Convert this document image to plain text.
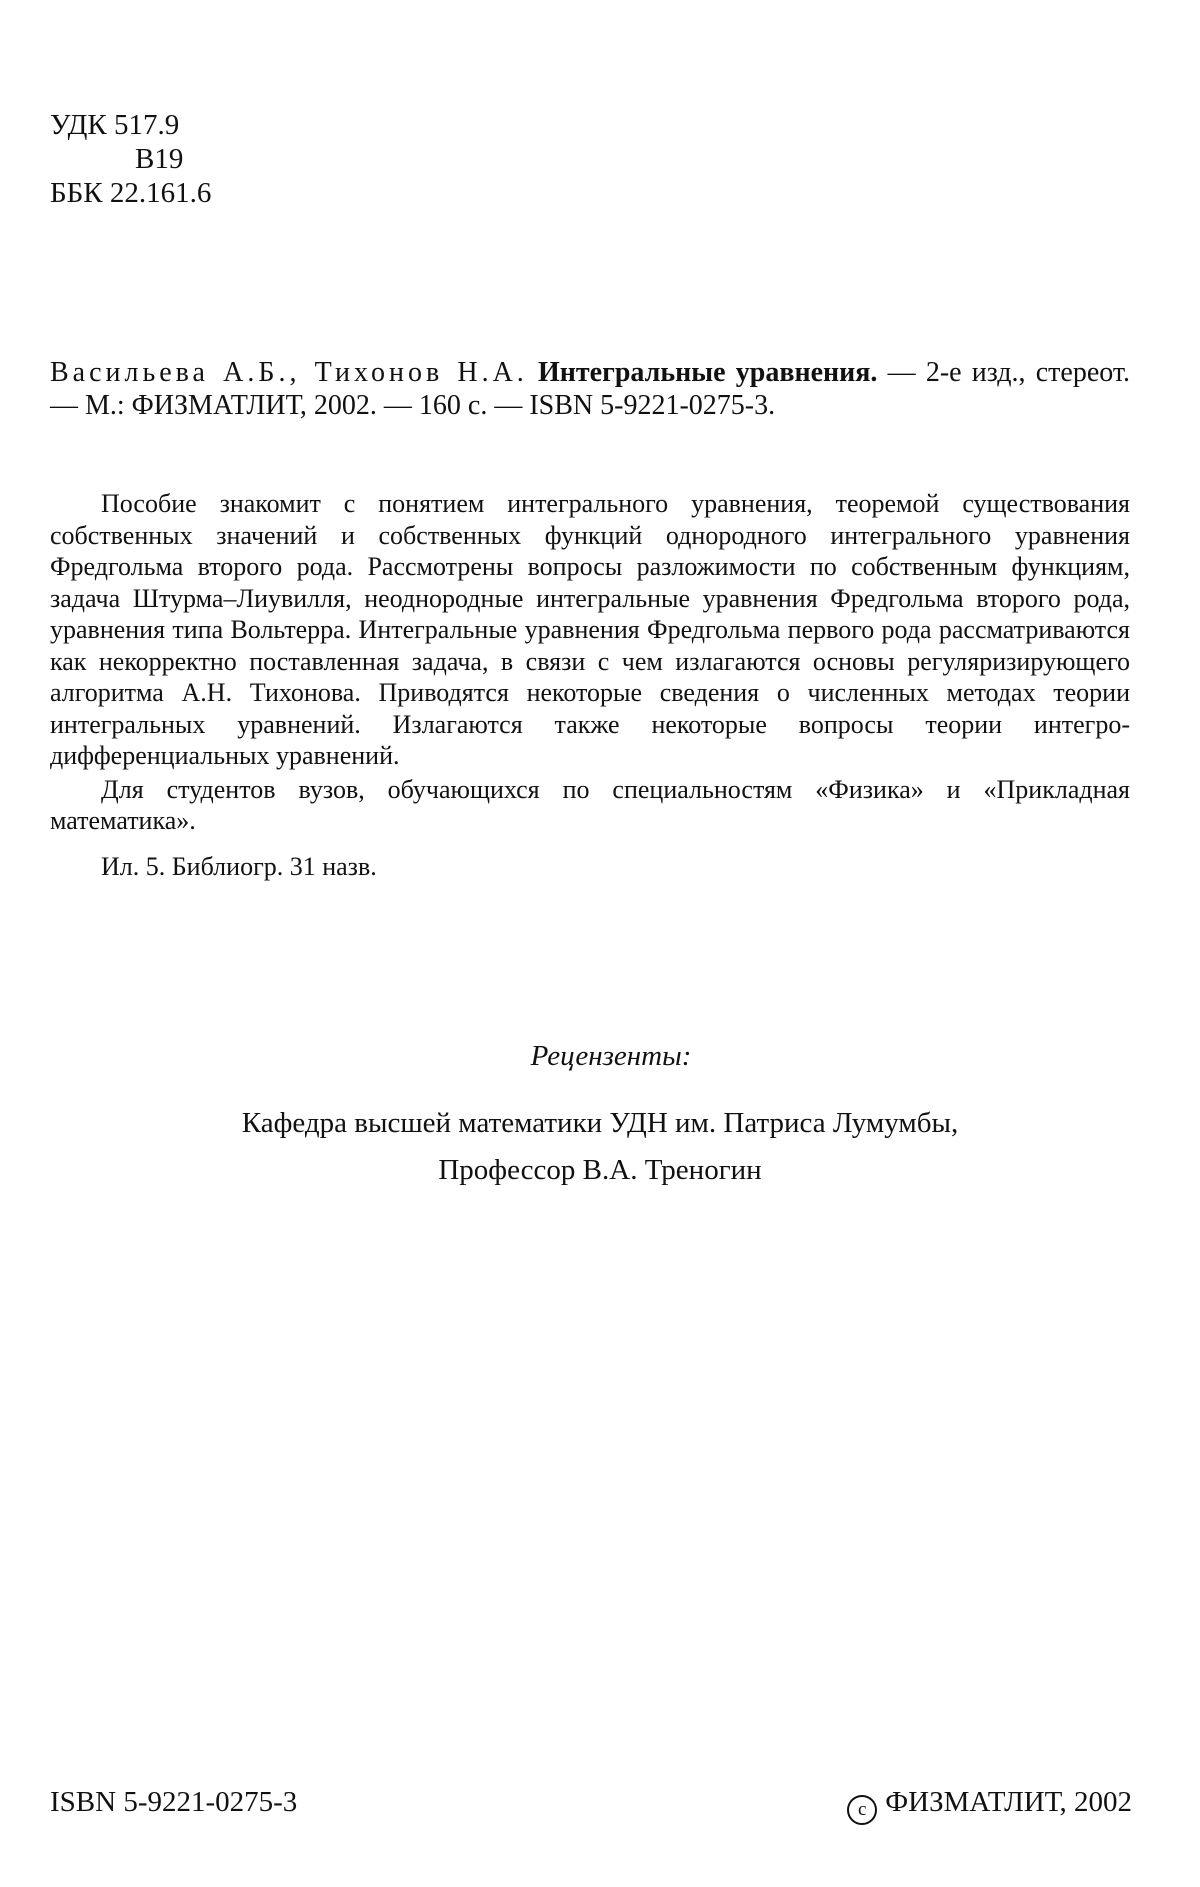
УДК 517.9
В19
ББК 22.161.6
Васильева А.Б., Тихонов Н.А. Интегральные уравнения. — 2-е изд., стереот. — М.: ФИЗМАТЛИТ, 2002. — 160 с. — ISBN 5-9221-0275-3.

Пособие знакомит с понятием интегрального уравнения, теоремой существования собственных значений и собственных функций однородного интегрального уравнения Фредгольма второго рода. Рассмотрены вопросы разложимости по собственным функциям, задача Штурма–Лиувилля, неоднородные интегральные уравнения Фредгольма второго рода, уравнения типа Вольтерра. Интегральные уравнения Фредгольма первого рода рассматриваются как некорректно поставленная задача, в связи с чем излагаются основы регуляризирующего алгоритма А.Н. Тихонова. Приводятся некоторые сведения о численных методах теории интегральных уравнений. Излагаются также некоторые вопросы теории интегро-дифференциальных уравнений.

Для студентов вузов, обучающихся по специальностям «Физика» и «Прикладная математика».

Ил. 5. Библиогр. 31 назв.

Рецензенты:
Кафедра высшей математики УДН им. Патриса Лумумбы,
Профессор В.А. Треногин
ISBN 5-9221-0275-3	c ФИЗМАТЛИТ, 2002
